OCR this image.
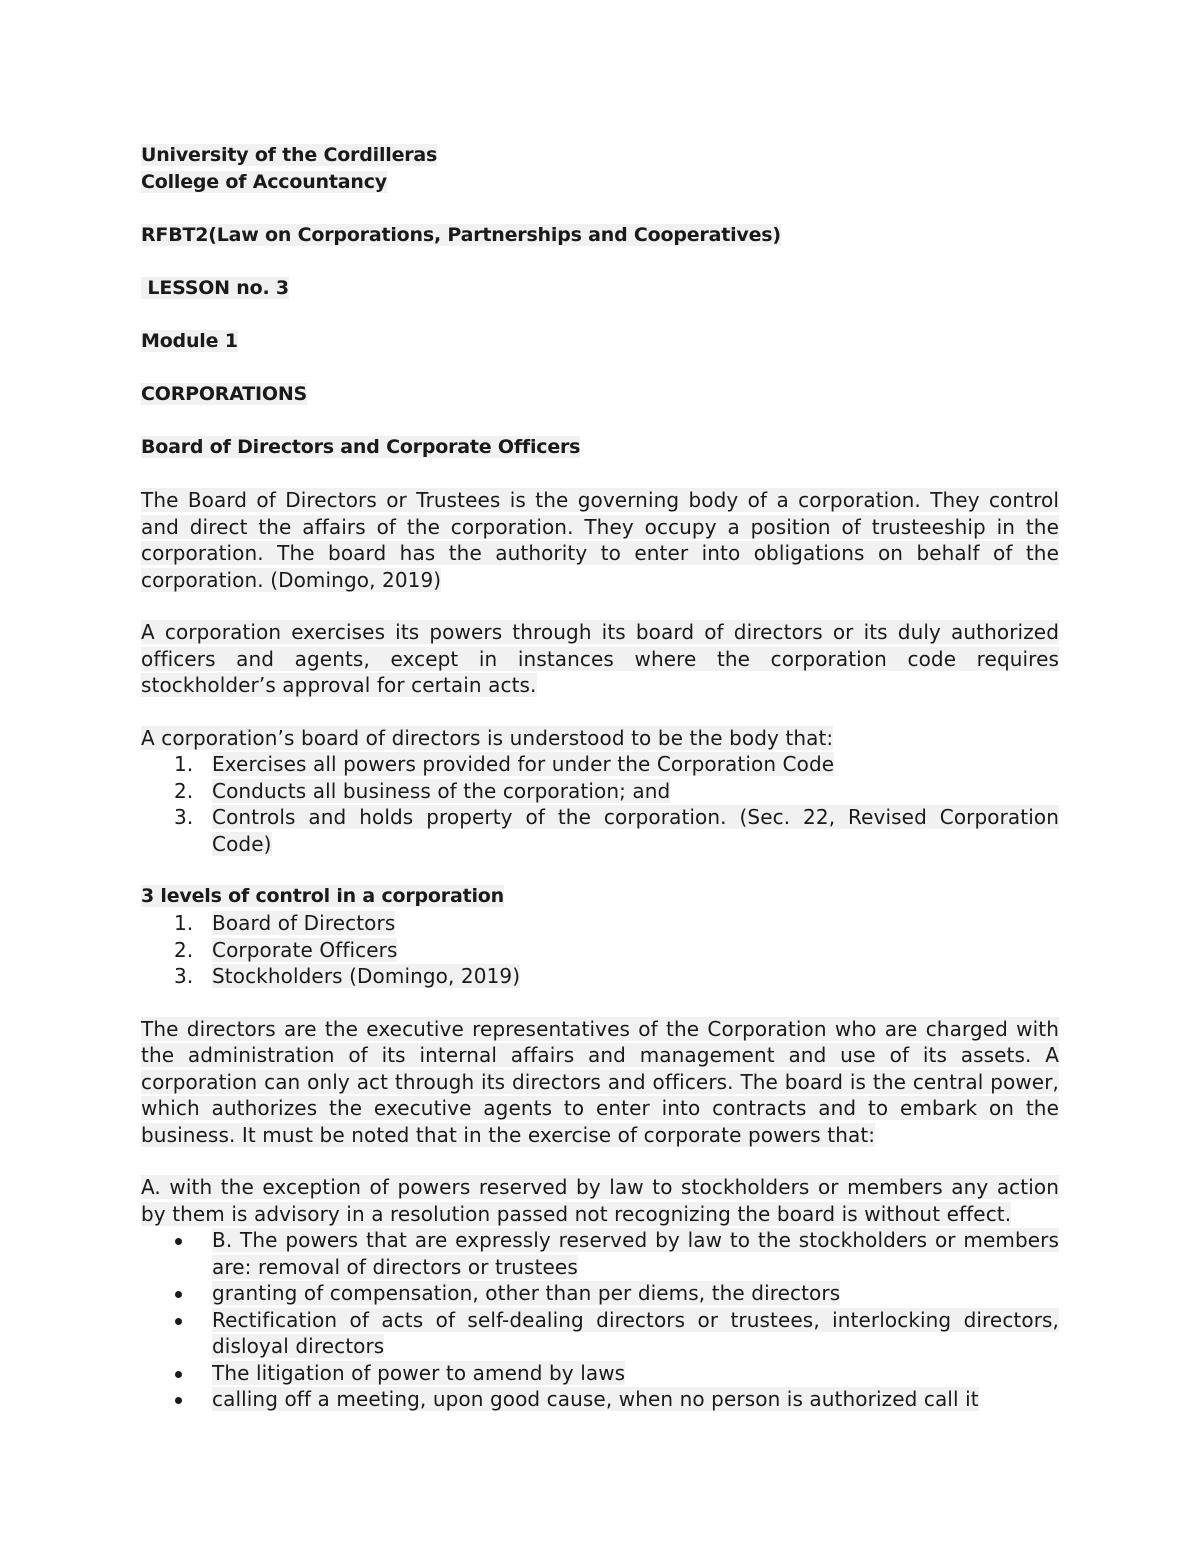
University of the Cordilleras
College of Accountancy
RFBT2(Law on Corporations, Partnerships and Cooperatives)
LESSON no. 3
Module 1
CORPORATIONS
Board of Directors and Corporate Officers

The Board of Directors or Trustees is the governing body of a corporation. They control and direct the affairs of the corporation. They occupy a position of trusteeship in the corporation. The board has the authority to enter into obligations on behalf of the corporation. (Domingo, 2019)

A corporation exercises its powers through its board of directors or its duly authorized officers and agents, except in instances where the corporation code requires stockholder’s approval for certain acts.

A corporation’s board of directors is understood to be the body that:

1. Exercises all powers provided for under the Corporation Code
2. Conducts all business of the corporation; and
3. Controls and holds property of the corporation. (Sec. 22, Revised Corporation Code)
3 levels of control in a corporation
1. Board of Directors
2. Corporate Officers
3. Stockholders (Domingo, 2019)

The directors are the executive representatives of the Corporation who are charged with the administration of its internal affairs and management and use of its assets. A corporation can only act through its directors and officers. The board is the central power, which authorizes the executive agents to enter into contracts and to embark on the business. It must be noted that in the exercise of corporate powers that:

A. with the exception of powers reserved by law to stockholders or members any action by them is advisory in a resolution passed not recognizing the board is without effect.

B. The powers that are expressly reserved by law to the stockholders or members are: removal of directors or trustees
granting of compensation, other than per diems, the directors
Rectification of acts of self-dealing directors or trustees, interlocking directors, disloyal directors
The litigation of power to amend by laws
calling off a meeting, upon good cause, when no person is authorized call it
